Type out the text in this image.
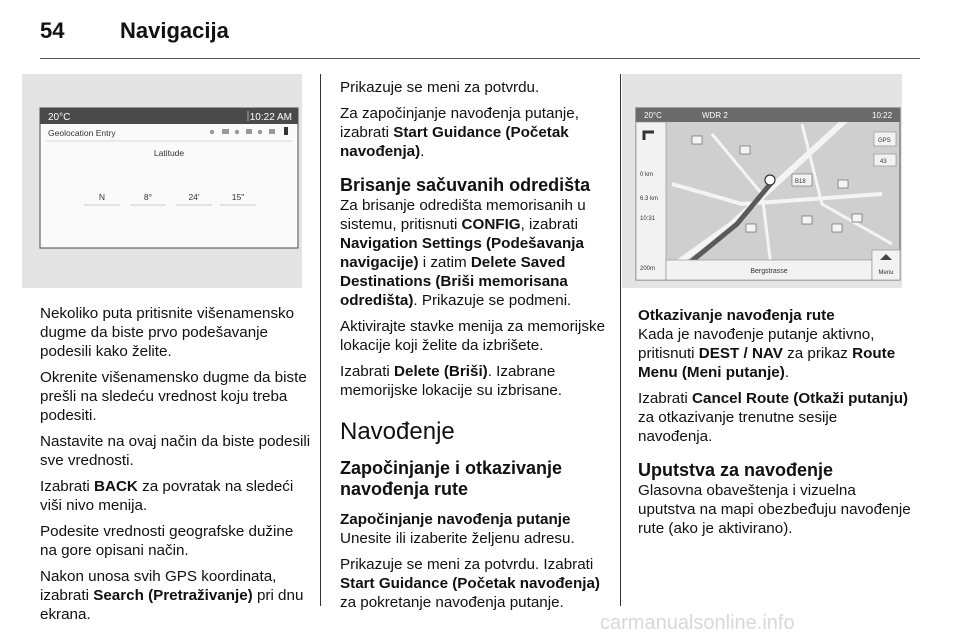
54	Navigacija
20°C	10:22 AM
Geolocation Entry
Latitude
N	8°	24'	15"

Nekoliko puta pritisnite višenamensko dugme da biste prvo podešavanje podesili kako želite.

Okrenite višenamensko dugme da biste prešli na sledeću vrednost koju treba podesiti.

Nastavite na ovaj način da biste podesili sve vrednosti.

Izabrati BACK za povratak na sledeći viši nivo menija.

Podesite vrednosti geografske dužine na gore opisani način.

Nakon unosa svih GPS koordinata, izabrati Search (Pretraživanje) pri dnu ekrana.

Prikazuje se meni za potvrdu.

Za započinjanje navođenja putanje, izabrati Start Guidance (Početak navođenja).

Brisanje sačuvanih odredišta

Za brisanje odredišta memorisanih u sistemu, pritisnuti CONFIG, izabrati Navigation Settings (Podešavanja navigacije) i zatim Delete Saved Destinations (Briši memorisana odredišta). Prikazuje se podmeni.

Aktivirajte stavke menija za memorijske lokacije koji želite da izbrišete.

Izabrati Delete (Briši). Izabrane memorijske lokacije su izbrisane.

Navođenje
Započinjanje i otkazivanje navođenja rute
Započinjanje navođenja putanje

Unesite ili izaberite željenu adresu.

Prikazuje se meni za potvrdu. Izabrati Start Guidance (Početak navođenja) za pokretanje navođenja putanje.

20°C	WDR 2	10:22
0 km
6.3 km
10:31
200m
GPS
43
B18
Bergstrasse	Menu
Otkazivanje navođenja rute

Kada je navođenje putanje aktivno, pritisnuti DEST / NAV za prikaz Route Menu (Meni putanje).

Izabrati Cancel Route (Otkaži putanju) za otkazivanje trenutne sesije navođenja.

Uputstva za navođenje

Glasovna obaveštenja i vizuelna uputstva na mapi obezbeđuju navođenje rute (ako je aktivirano).

carmanualsonline.info
